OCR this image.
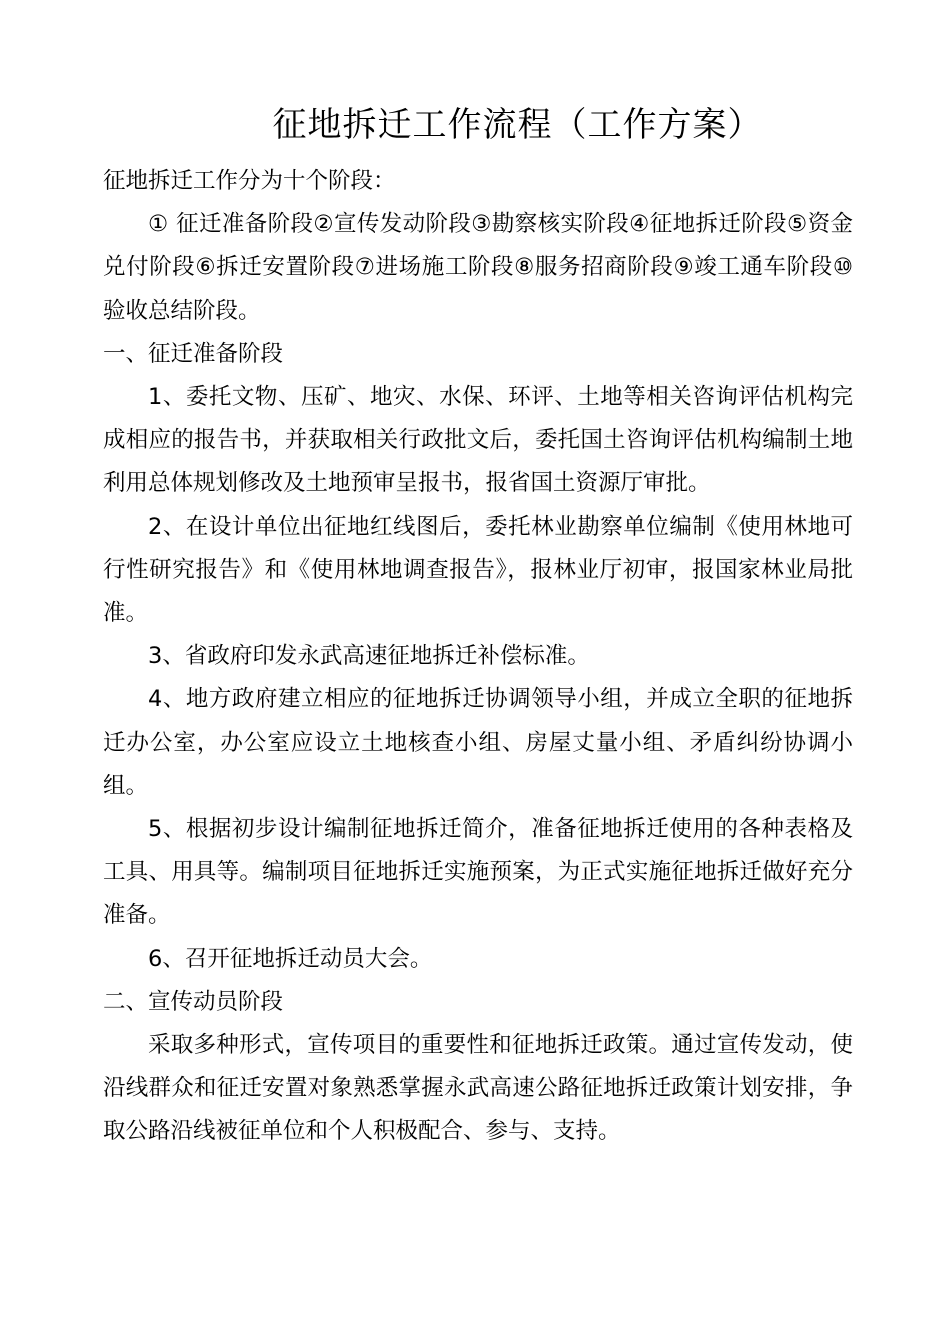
征地拆迁工作流程（工作方案）

征地拆迁工作分为十个阶段：

① 征迁准备阶段②宣传发动阶段③勘察核实阶段④征地拆迁阶段⑤资金兑付阶段⑥拆迁安置阶段⑦进场施工阶段⑧服务招商阶段⑨竣工通车阶段⑩验收总结阶段。

一、征迁准备阶段

1、委托文物、压矿、地灾、水保、环评、土地等相关咨询评估机构完成相应的报告书，并获取相关行政批文后，委托国土咨询评估机构编制土地利用总体规划修改及土地预审呈报书，报省国土资源厅审批。

2、在设计单位出征地红线图后，委托林业勘察单位编制《使用林地可行性研究报告》和《使用林地调查报告》，报林业厅初审，报国家林业局批准。

3、省政府印发永武高速征地拆迁补偿标准。

4、地方政府建立相应的征地拆迁协调领导小组，并成立全职的征地拆迁办公室，办公室应设立土地核查小组、房屋丈量小组、矛盾纠纷协调小组。

5、根据初步设计编制征地拆迁简介，准备征地拆迁使用的各种表格及工具、用具等。编制项目征地拆迁实施预案，为正式实施征地拆迁做好充分准备。

6、召开征地拆迁动员大会。

二、宣传动员阶段

采取多种形式，宣传项目的重要性和征地拆迁政策。通过宣传发动，使沿线群众和征迁安置对象熟悉掌握永武高速公路征地拆迁政策计划安排，争取公路沿线被征单位和个人积极配合、参与、支持。
